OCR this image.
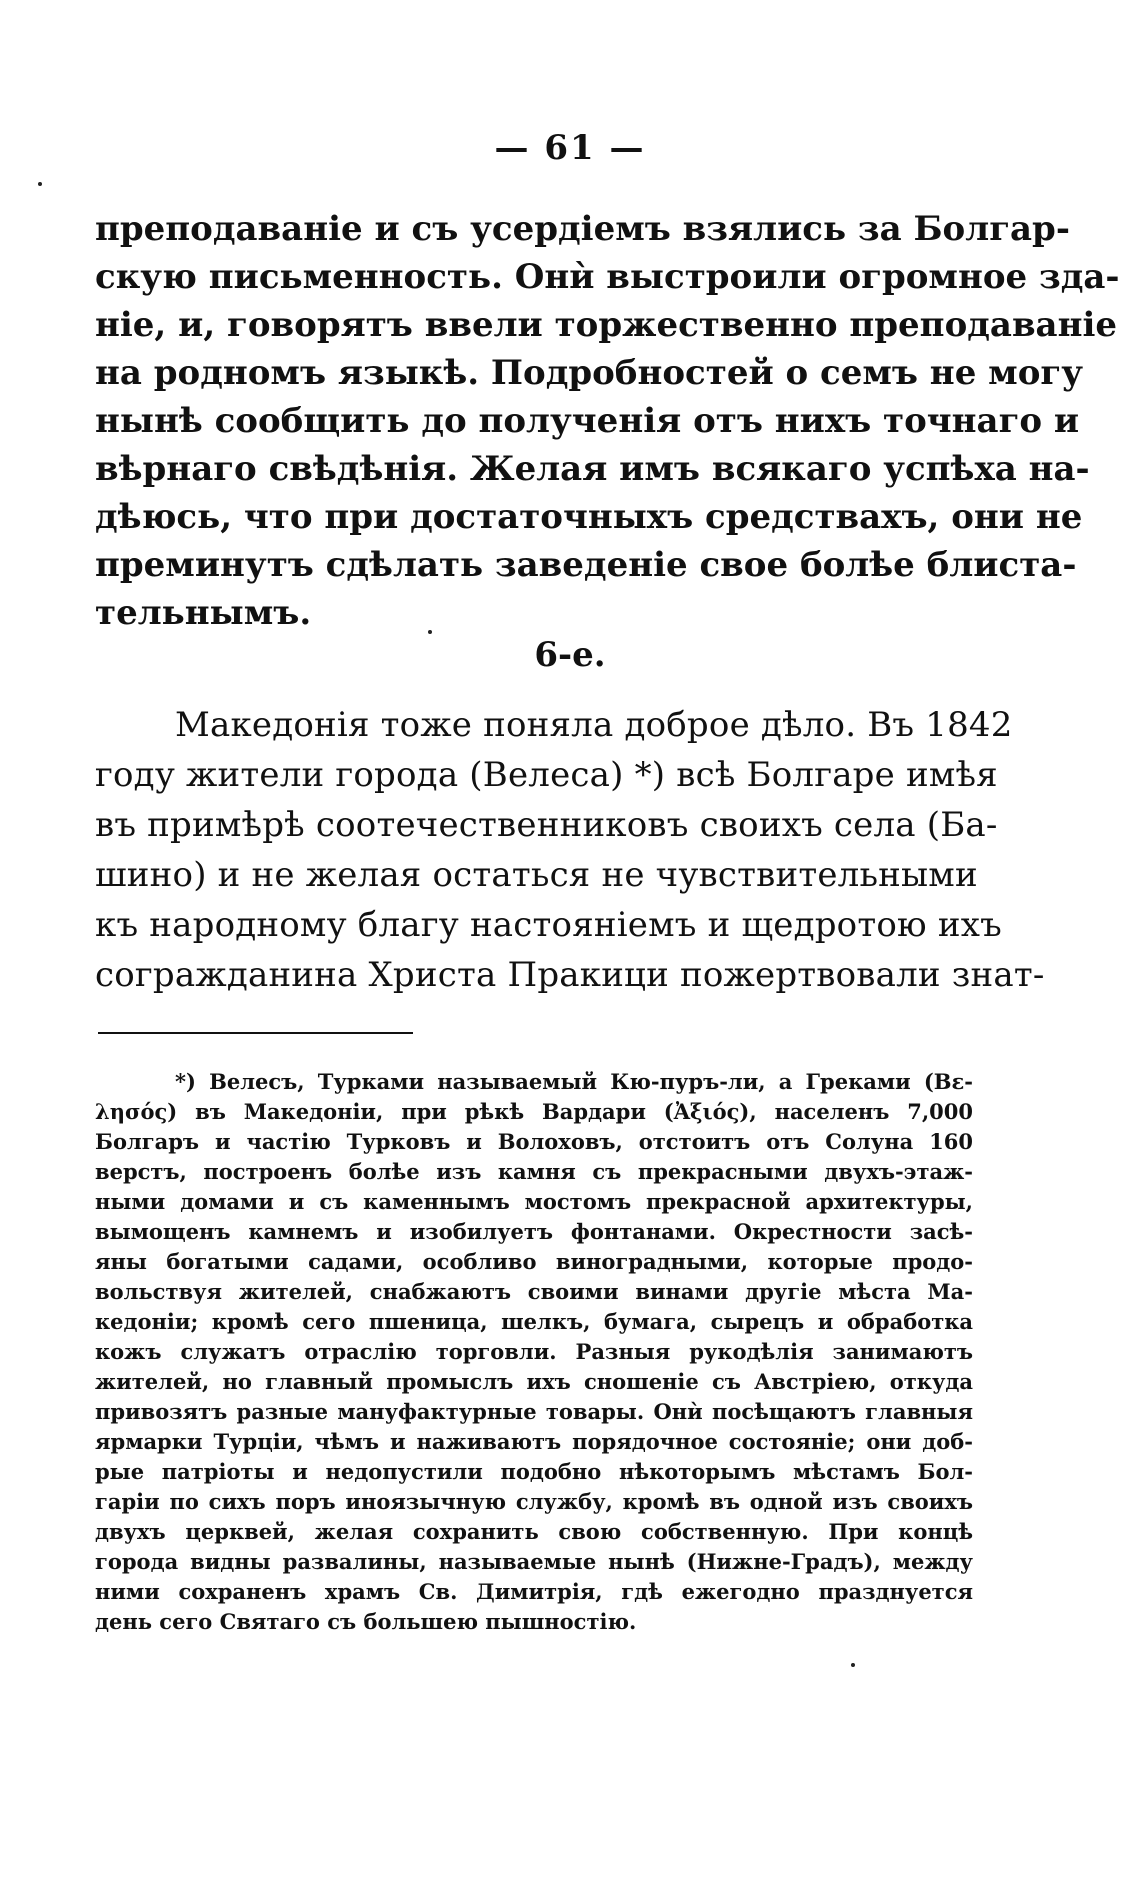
— 61 —
преподаванiе и съ усердiемъ взялись за Болгар-
скую письменность. Онѝ выстроили огромное зда-
нiе, и, говорятъ ввели торжественно преподаванiе
на родномъ языкѣ. Подробностей о семъ не могу
нынѣ сообщить до полученiя отъ нихъ точнаго и
вѣрнаго свѣдѣнiя. Желая имъ всякаго успѣха на-
дѣюсь, что при достаточныхъ средствахъ, они не
преминутъ сдѣлать заведенiе свое болѣе блиста-
тельнымъ.
6-е.
Македонiя тоже поняла доброе дѣло. Въ 1842
году жители города (Велеса) *) всѣ Болгаре имѣя
въ примѣрѣ соотечественниковъ своихъ села (Ба-
шино) и не желая остаться не чувствительными
къ народному благу настоянiемъ и щедротою ихъ
согражданина Христа Пракици пожертвовали знат-
*) Велесъ, Турками называемый Кю-пуръ-ли, а Греками (Βε-
λησός) въ Македонiи, при рѣкѣ Вардари (Ἀξιός), населенъ 7,000
Болгаръ и частiю Турковъ и Волоховъ, отстоитъ отъ Солуна 160
верстъ, построенъ болѣе изъ камня съ прекрасными двухъ-этаж-
ными домами и съ каменнымъ мостомъ прекрасной архитектуры,
вымощенъ камнемъ и изобилуетъ фонтанами. Окрестности засѣ-
яны богатыми садами, особливо виноградными, которые продо-
вольствуя жителей, снабжаютъ своими винами другiе мѣста Ма-
кедонiи; кромѣ сего пшеница, шелкъ, бумага, сырецъ и обработка
кожъ служатъ отраслiю торговли. Разныя рукодѣлiя занимаютъ
жителей, но главный промыслъ ихъ сношенiе съ Австрiею, откуда
привозятъ разные мануфактурные товары. Онѝ посѣщаютъ главныя
ярмарки Турцiи, чѣмъ и наживаютъ порядочное состоянiе; они доб-
рые патрiоты и недопустили подобно нѣкоторымъ мѣстамъ Бол-
гарiи по сихъ поръ иноязычную службу, кромѣ въ одной изъ своихъ
двухъ церквей, желая сохранить свою собственную. При концѣ
города видны развалины, называемые нынѣ (Нижне-Градъ), между
ними сохраненъ храмъ Св. Димитрiя, гдѣ ежегодно празднуется
день сего Святаго съ большею пышностiю.
